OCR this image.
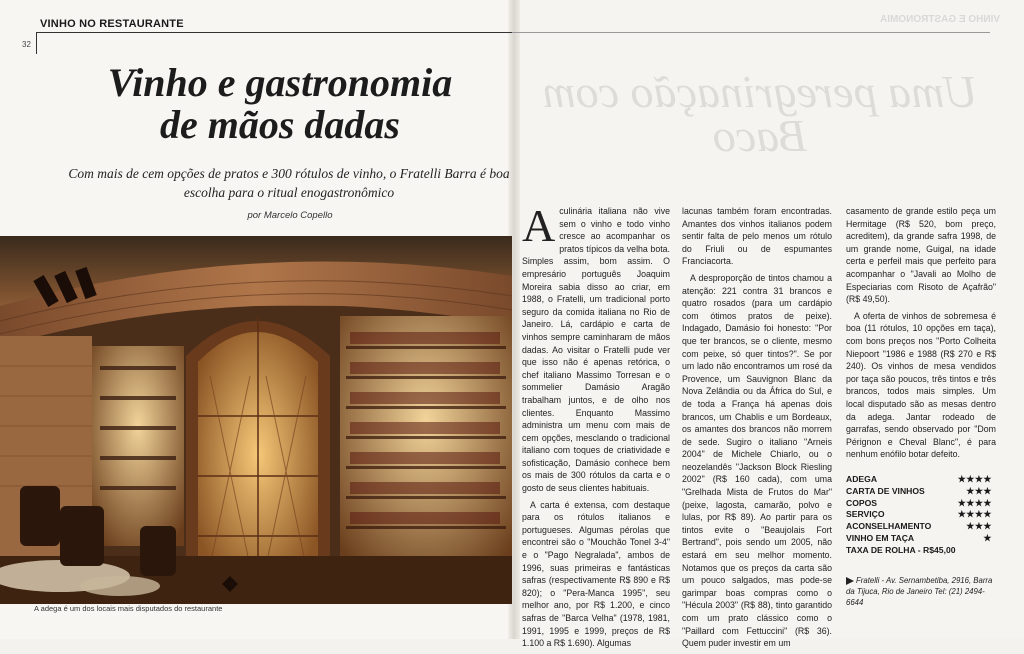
VINHO E GASTRONOMIA
Uma peregrinação com Baco
VINHO NO RESTAURANTE
32
Vinho e gastronomia
de mãos dadas

Com mais de cem opções de pratos e 300 rótulos de vinho, o Fratelli Barra é boa escolha para o ritual enogastronômico

por Marcelo Copello
A adega é um dos locais mais disputados do restaurante

Aculinária italiana não vive sem o vinho e todo vinho cresce ao acompanhar os pratos típicos da velha bota. Simples assim, bom assim. O empresário português Joaquim Moreira sabia disso ao criar, em 1988, o Fratelli, um tradicional porto seguro da comida italiana no Rio de Janeiro. Lá, cardápio e carta de vinhos sempre caminharam de mãos dadas. Ao visitar o Fratelli pude ver que isso não é apenas retórica, o chef italiano Massimo Torresan e o sommelier Damásio Aragão trabalham juntos, e de olho nos clientes. Enquanto Massimo administra um menu com mais de cem opções, mesclando o tradicional italiano com toques de criatividade e sofisticação, Damásio conhece bem os mais de 300 rótulos da carta e o gosto de seus clientes habituais.

A carta é extensa, com destaque para os rótulos italianos e portugueses. Algumas pérolas que encontrei são o "Mouchão Tonel 3-4" e o "Pago Negralada", ambos de 1996, suas primeiras e fantásticas safras (respectivamente R$ 890 e R$ 820); o "Pera-Manca 1995", seu melhor ano, por R$ 1.200, e cinco safras de "Barca Velha" (1978, 1981, 1991, 1995 e 1999, preços de R$ 1.100 a R$ 1.690). Algumas

lacunas também foram encontradas. Amantes dos vinhos italianos podem sentir falta de pelo menos um rótulo do Friuli ou de espumantes Franciacorta.

A desproporção de tintos chamou a atenção: 221 contra 31 brancos e quatro rosados (para um cardápio com ótimos pratos de peixe). Indagado, Damásio foi honesto: "Por que ter brancos, se o cliente, mesmo com peixe, só quer tintos?". Se por um lado não encontramos um rosé da Provence, um Sauvignon Blanc da Nova Zelândia ou da África do Sul, e de toda a França há apenas dois brancos, um Chablis e um Bordeaux, os amantes dos brancos não morrem de sede. Sugiro o italiano "Arneis 2004" de Michele Chiarlo, ou o neozelandês "Jackson Block Riesling 2002" (R$ 160 cada), com uma "Grelhada Mista de Frutos do Mar" (peixe, lagosta, camarão, polvo e lulas, por R$ 89). Ao partir para os tintos evite o "Beaujolais Fort Bertrand", pois sendo um 2005, não estará em seu melhor momento. Notamos que os preços da carta são um pouco salgados, mas pode-se garimpar boas compras como o "Hécula 2003" (R$ 88), tinto garantido com um prato clássico como o "Paillard com Fettuccini" (R$ 36). Quem puder investir em um

casamento de grande estilo peça um Hermitage (R$ 520, bom preço, acreditem), da grande safra 1998, de um grande nome, Guigal, na idade certa e perfeil mais que perfeito para acompanhar o "Javali ao Molho de Especiarias com Risoto de Açafrão" (R$ 49,50).

A oferta de vinhos de sobremesa é boa (11 rótulos, 10 opções em taça), com bons preços nos "Porto Colheita Niepoort "1986 e 1988 (R$ 270 e R$ 240). Os vinhos de mesa vendidos por taça são poucos, três tintos e três brancos, todos mais simples. Um local disputado são as mesas dentro da adega. Jantar rodeado de garrafas, sendo observado por "Dom Pérignon e Cheval Blanc", é para nenhum enófilo botar defeito.

ADEGA	★★★★
CARTA DE VINHOS	★★★
COPOS	★★★★
SERVIÇO	★★★★
ACONSELHAMENTO	★★★
VINHO EM TAÇA	★
TAXA DE ROLHA - R$45,00
Fratelli - Av. Sernambetiba, 2916, Barra da Tijuca, Rio de Janeiro Tel: (21) 2494-6644
